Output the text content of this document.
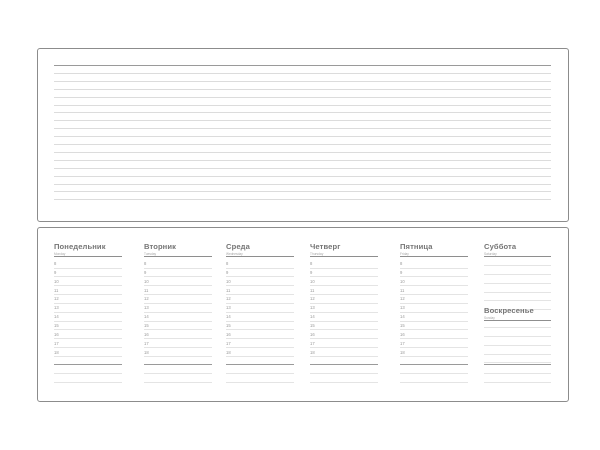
Понедельник
Monday
8
9
10
11
12
13
14
15
16
17
18
Вторник
Tuesday
8
9
10
11
12
13
14
15
16
17
18
Среда
Wednesday
8
9
10
11
12
13
14
15
16
17
18
Четверг
Thursday
8
9
10
11
12
13
14
15
16
17
18
Пятница
Friday
8
9
10
11
12
13
14
15
16
17
18
Суббота
Saturday
Воскресенье
Sunday
